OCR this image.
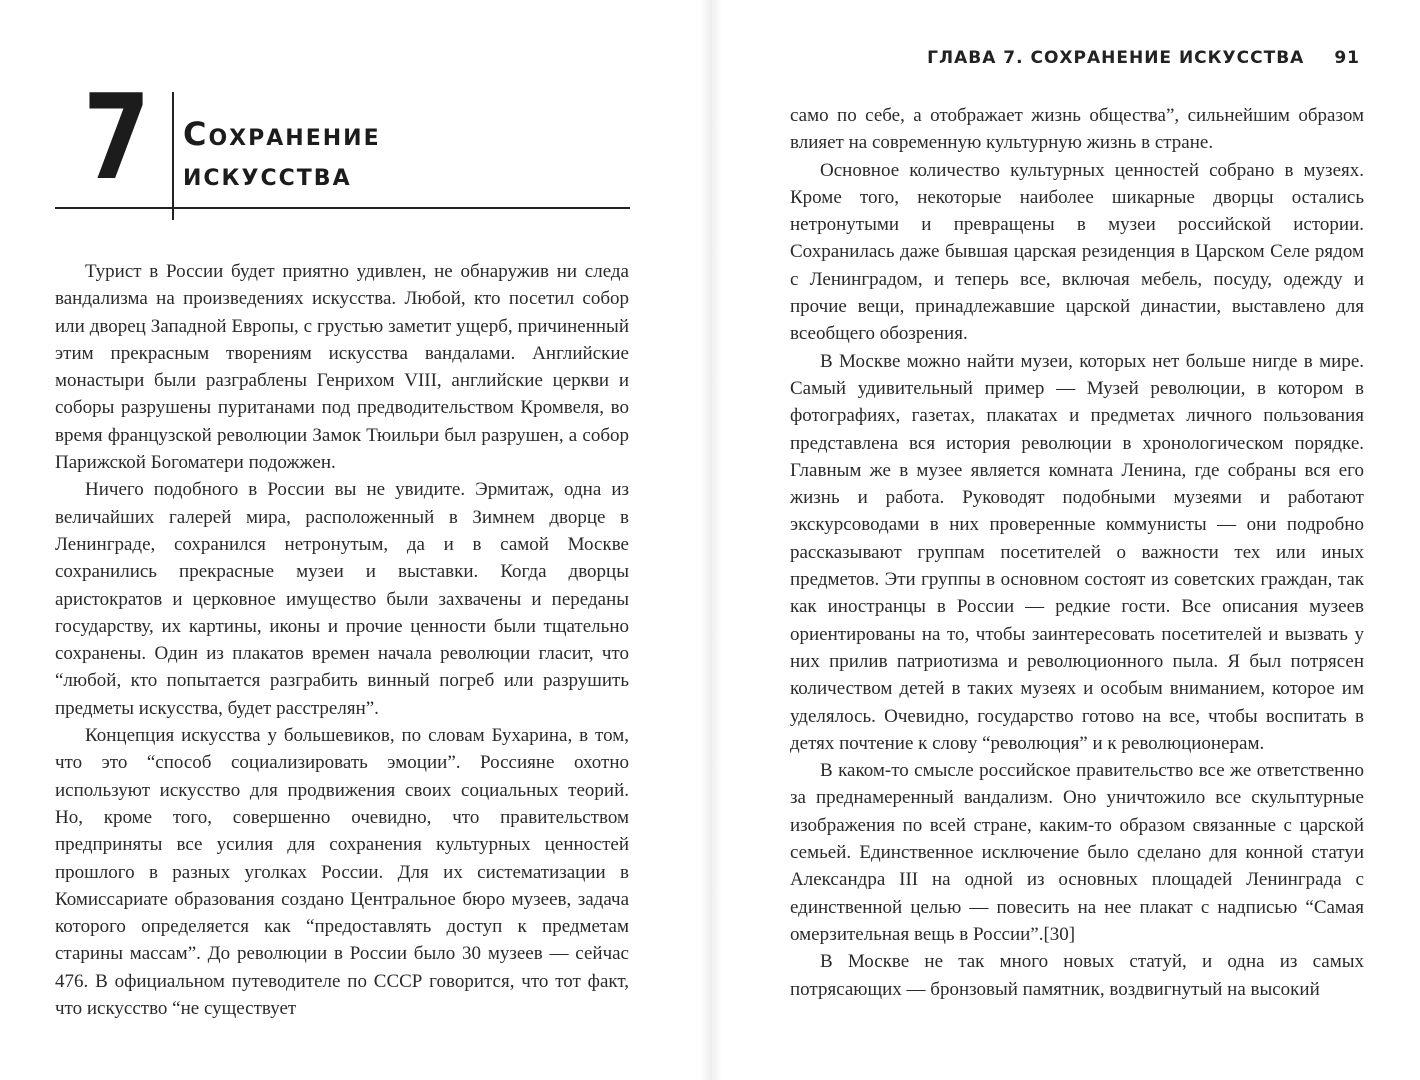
7 Сохранение
искусства

Турист в России будет приятно удивлен, не обнаружив ни следа вандализма на произведениях искусства. Любой, кто посетил собор или дворец Западной Европы, с грустью заметит ущерб, причиненный этим прекрасным творениям искусства вандалами. Английские монастыри были разграблены Генрихом VIII, английские церкви и соборы разрушены пуританами под предводительством Кромвеля, во время французской революции Замок Тюильри был разрушен, а собор Парижской Богоматери подожжен.

Ничего подобного в России вы не увидите. Эрмитаж, одна из величайших галерей мира, расположенный в Зимнем дворце в Ленинграде, сохранился нетронутым, да и в самой Москве сохранились прекрасные музеи и выставки. Когда дворцы аристократов и церковное имущество были захвачены и переданы государству, их картины, иконы и прочие ценности были тщательно сохранены. Один из плакатов времен начала революции гласит, что “любой, кто попытается разграбить винный погреб или разрушить предметы искусства, будет расстрелян”.

Концепция искусства у большевиков, по словам Бухарина, в том, что это “способ социализировать эмоции”. Россияне охотно используют искусство для продвижения своих социальных теорий. Но, кроме того, совершенно очевидно, что правительством предприняты все усилия для сохранения культурных ценностей прошлого в разных уголках России. Для их систематизации в Комиссариате образования создано Центральное бюро музеев, задача которого определяется как “предоставлять доступ к предметам старины массам”. До революции в России было 30 музеев — сейчас 476. В официальном путеводителе по СССР говорится, что тот факт, что искусство “не существует

ГЛАВА 7. СОХРАНЕНИЕ ИСКУССТВА 91

само по себе, а отображает жизнь общества”, сильнейшим образом влияет на современную культурную жизнь в стране.

Основное количество культурных ценностей собрано в музеях. Кроме того, некоторые наиболее шикарные дворцы остались нетронутыми и превращены в музеи российской истории. Сохранилась даже бывшая царская резиденция в Царском Селе рядом с Ленинградом, и теперь все, включая мебель, посуду, одежду и прочие вещи, принадлежавшие царской династии, выставлено для всеобщего обозрения.

В Москве можно найти музеи, которых нет больше нигде в мире. Самый удивительный пример — Музей революции, в котором в фотографиях, газетах, плакатах и предметах личного пользования представлена вся история революции в хронологическом порядке. Главным же в музее является комната Ленина, где собраны вся его жизнь и работа. Руководят подобными музеями и работают экскурсоводами в них проверенные коммунисты — они подробно рассказывают группам посетителей о важности тех или иных предметов. Эти группы в основном состоят из советских граждан, так как иностранцы в России — редкие гости. Все описания музеев ориентированы на то, чтобы заинтересовать посетителей и вызвать у них прилив патриотизма и революционного пыла. Я был потрясен количеством детей в таких музеях и особым вниманием, которое им уделялось. Очевидно, государство готово на все, чтобы воспитать в детях почтение к слову “революция” и к революционерам.

В каком-то смысле российское правительство все же ответственно за преднамеренный вандализм. Оно уничтожило все скульптурные изображения по всей стране, каким-то образом связанные с царской семьей. Единственное исключение было сделано для конной статуи Александра III на одной из основных площадей Ленинграда с единственной целью — повесить на нее плакат с надписью “Самая омерзительная вещь в России”.[30]

В Москве не так много новых статуй, и одна из самых потрясающих — бронзовый памятник, воздвигнутый на высокий
